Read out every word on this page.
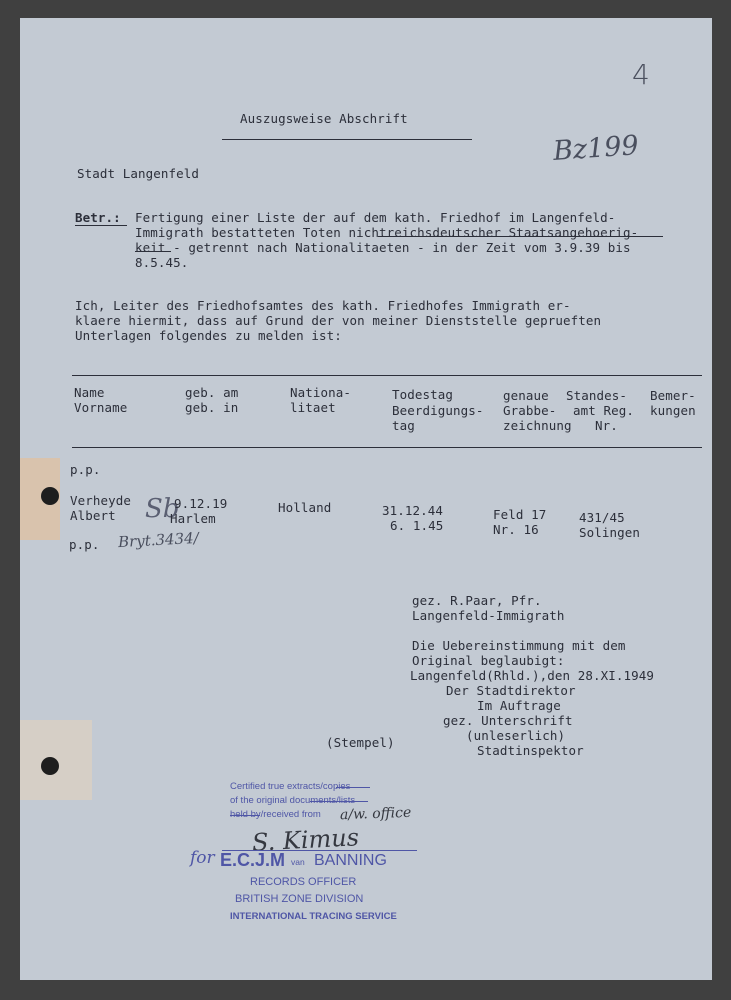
4
Auszugsweise Abschrift
Bz199
Stadt Langenfeld
Betr.: Fertigung einer Liste der auf dem kath. Friedhof im Langenfeld-
Immigrath bestatteten Toten nichtreichsdeutscher Staatsangehoerig-
keit - getrennt nach Nationalitaeten - in der Zeit vom 3.9.39 bis
8.5.45.
Ich, Leiter des Friedhofsamtes des kath. Friedhofes Immigrath er-
klaere hiermit, dass auf Grund der von meiner Dienststelle geprueften
Unterlagen folgendes zu melden ist:
Name
Vorname
geb. am
geb. in
Nationa-
litaet
Todestag
Beerdigungs-
tag
genaue
Grabbe-
zeichnung
Standes-
amt Reg.
Nr.
Bemer-
kungen
p.p.
Verheyde
Albert Sb
9.12.19
Harlem
Holland	31.12.44
6. 1.45
Feld 17
Nr. 16
431/45
Solingen
p.p. Bryt.3434/
gez. R.Paar, Pfr.
Langenfeld-Immigrath
Die Uebereinstimmung mit dem
Original beglaubigt:
Langenfeld(Rhld.),den 28.XI.1949
Der Stadtdirektor
Im Auftrage
gez. Unterschrift
(unleserlich)
Stadtinspektor
(Stempel)
Certified true extracts/copies
of the original documents/lists
held by/received from a/w. office
S. Kimus
for E.C.J.M van BANNING
RECORDS OFFICER
BRITISH ZONE DIVISION
INTERNATIONAL TRACING SERVICE
